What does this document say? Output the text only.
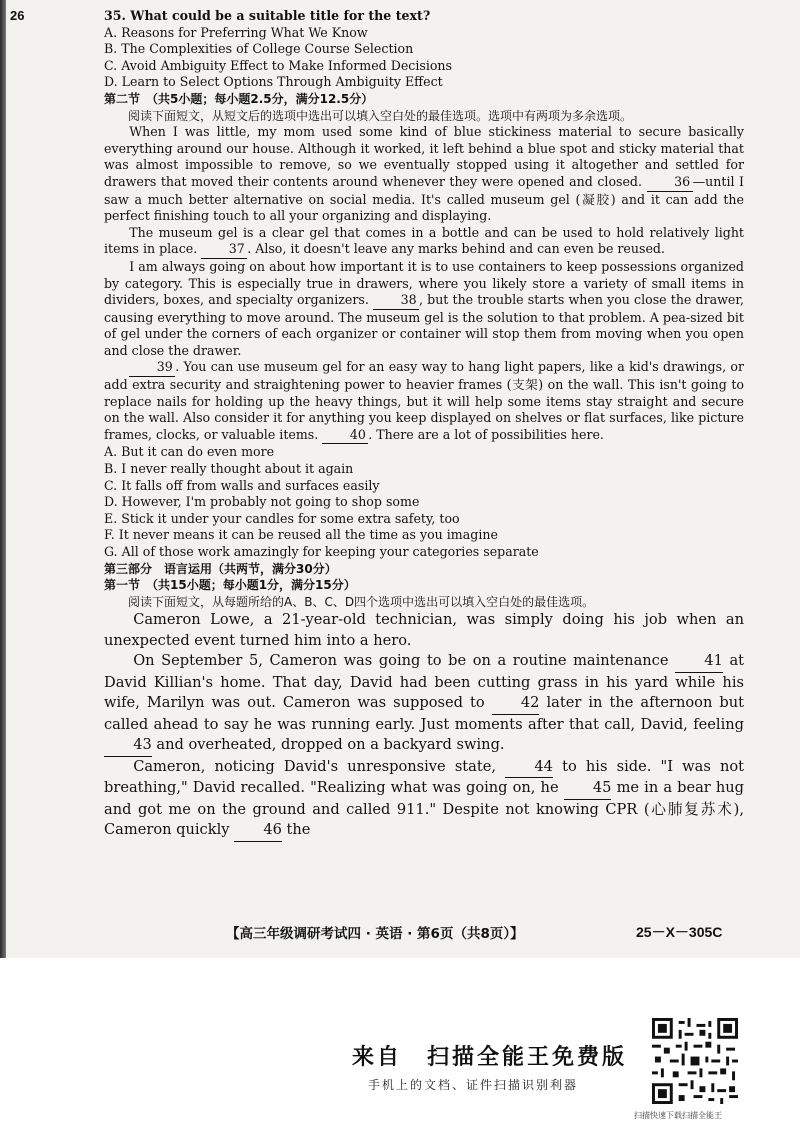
26	35. What could be a suitable title for the text?

A. Reasons for Preferring What We Know

B. The Complexities of College Course Selection

C. Avoid Ambiguity Effect to Make Informed Decisions

D. Learn to Select Options Through Ambiguity Effect

第二节　（共5小题；每小题2.5分，满分12.5分）

阅读下面短文，从短文后的选项中选出可以填入空白处的最佳选项。选项中有两项为多余选项。

When I was little, my mom used some kind of blue stickiness material to secure basically everything around our house. Although it worked, it left behind a blue spot and sticky material that was almost impossible to remove, so we eventually stopped using it altogether and settled for drawers that moved their contents around whenever they were opened and closed.	36 —until I saw a much better alternative on social media. It's called museum gel (凝胶) and it can add the perfect finishing touch to all your organizing and displaying.

The museum gel is a clear gel that comes in a bottle and can be used to hold relatively light items in place.	37 . Also, it doesn't leave any marks behind and can even be reused.

I am always going on about how important it is to use containers to keep possessions organized by category. This is especially true in drawers, where you likely store a variety of small items in dividers, boxes, and specialty organizers.	38 , but the trouble starts when you close the drawer, causing everything to move around. The museum gel is the solution to that problem. A pea-sized bit of gel under the corners of each organizer or container will stop them from moving when you open and close the drawer.

39 . You can use museum gel for an easy way to hang light papers, like a kid's drawings, or add extra security and straightening power to heavier frames (支架) on the wall. This isn't going to replace nails for holding up the heavy things, but it will help some items stay straight and secure on the wall. Also consider it for anything you keep displayed on shelves or flat surfaces, like picture frames, clocks, or valuable items.	40 . There are a lot of possibilities here.

A. But it can do even more

B. I never really thought about it again

C. It falls off from walls and surfaces easily

D. However, I'm probably not going to shop some

E. Stick it under your candles for some extra safety, too

F. It never means it can be reused all the time as you imagine

G. All of those work amazingly for keeping your categories separate

第三部分　语言运用（共两节，满分30分）

第一节　（共15小题；每小题1分，满分15分）

阅读下面短文，从每题所给的A、B、C、D四个选项中选出可以填入空白处的最佳选项。

Cameron Lowe, a 21-year-old technician, was simply doing his job when an unexpected event turned him into a hero.

On September 5, Cameron was going to be on a routine maintenance 41 at David Killian's home. That day, David had been cutting grass in his yard while his wife, Marilyn was out. Cameron was supposed to 42 later in the afternoon but called ahead to say he was running early. Just moments after that call, David, feeling 43 and overheated, dropped on a backyard swing.

Cameron, noticing David's unresponsive state,	44 to his side. "I was not breathing," David recalled. "Realizing what was going on, he 45 me in a bear hug and got me on the ground and called 911." Despite not knowing CPR (心肺复苏术), Cameron quickly 46 the

【高三年级调研考试四 · 英语 · 第6页（共8页）】	25－X－305C
来自　扫描全能王免费版
手机上的文档、证件扫描识别利器
扫描快速下载扫描全能王
